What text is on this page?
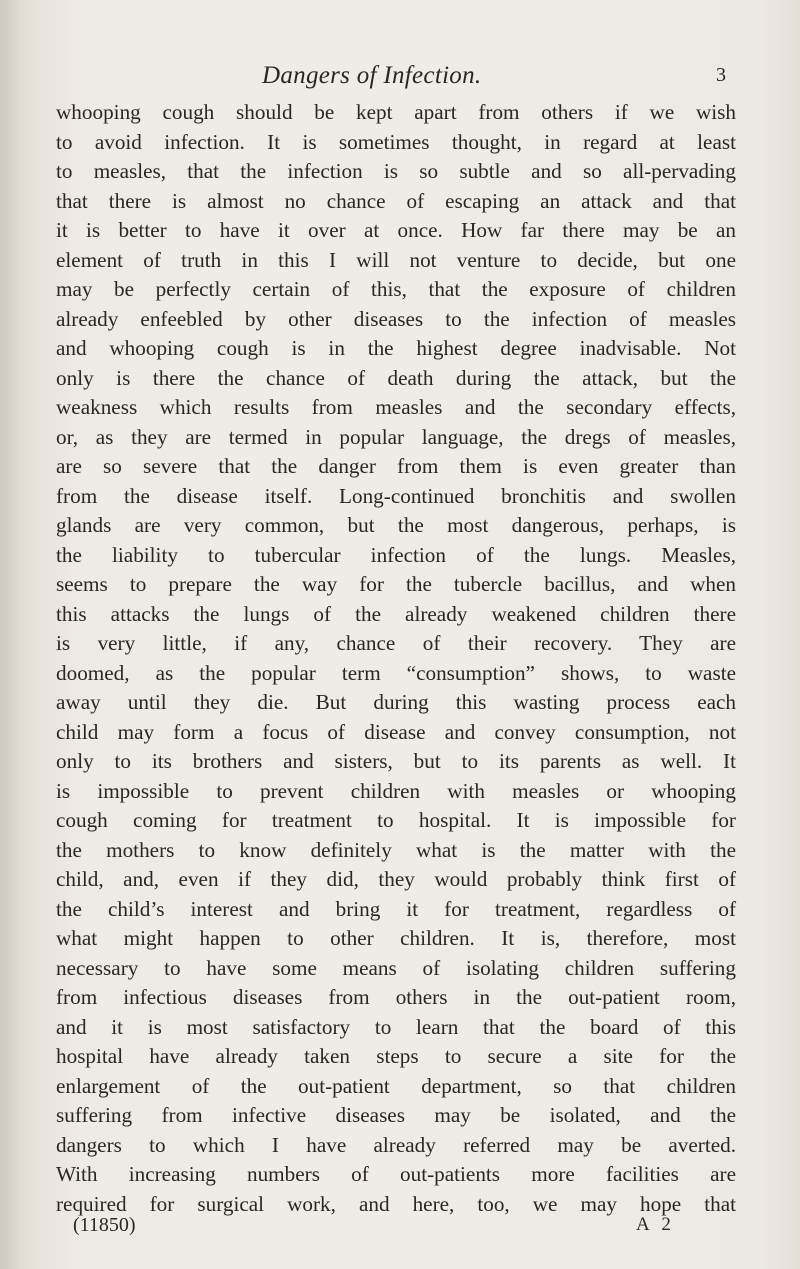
Dangers of Infection.	3
whooping cough should be kept apart from others if we wish
to avoid infection. It is sometimes thought, in regard at least
to measles, that the infection is so subtle and so all-pervading
that there is almost no chance of escaping an attack and that
it is better to have it over at once. How far there may be an
element of truth in this I will not venture to decide, but one
may be perfectly certain of this, that the exposure of children
already enfeebled by other diseases to the infection of measles
and whooping cough is in the highest degree inadvisable. Not
only is there the chance of death during the attack, but the
weakness which results from measles and the secondary effects,
or, as they are termed in popular language, the dregs of measles,
are so severe that the danger from them is even greater than
from the disease itself. Long-continued bronchitis and swollen
glands are very common, but the most dangerous, perhaps, is
the liability to tubercular infection of the lungs. Measles,
seems to prepare the way for the tubercle bacillus, and when
this attacks the lungs of the already weakened children there
is very little, if any, chance of their recovery. They are
doomed, as the popular term “consumption” shows, to waste
away until they die. But during this wasting process each
child may form a focus of disease and convey consumption, not
only to its brothers and sisters, but to its parents as well. It
is impossible to prevent children with measles or whooping
cough coming for treatment to hospital. It is impossible for
the mothers to know definitely what is the matter with the
child, and, even if they did, they would probably think first of
the child’s interest and bring it for treatment, regardless of
what might happen to other children. It is, therefore, most
necessary to have some means of isolating children suffering
from infectious diseases from others in the out-patient room,
and it is most satisfactory to learn that the board of this
hospital have already taken steps to secure a site for the
enlargement of the out-patient department, so that children
suffering from infective diseases may be isolated, and the
dangers to which I have already referred may be averted.
With increasing numbers of out-patients more facilities are
required for surgical work, and here, too, we may hope that
(11850)	A 2
